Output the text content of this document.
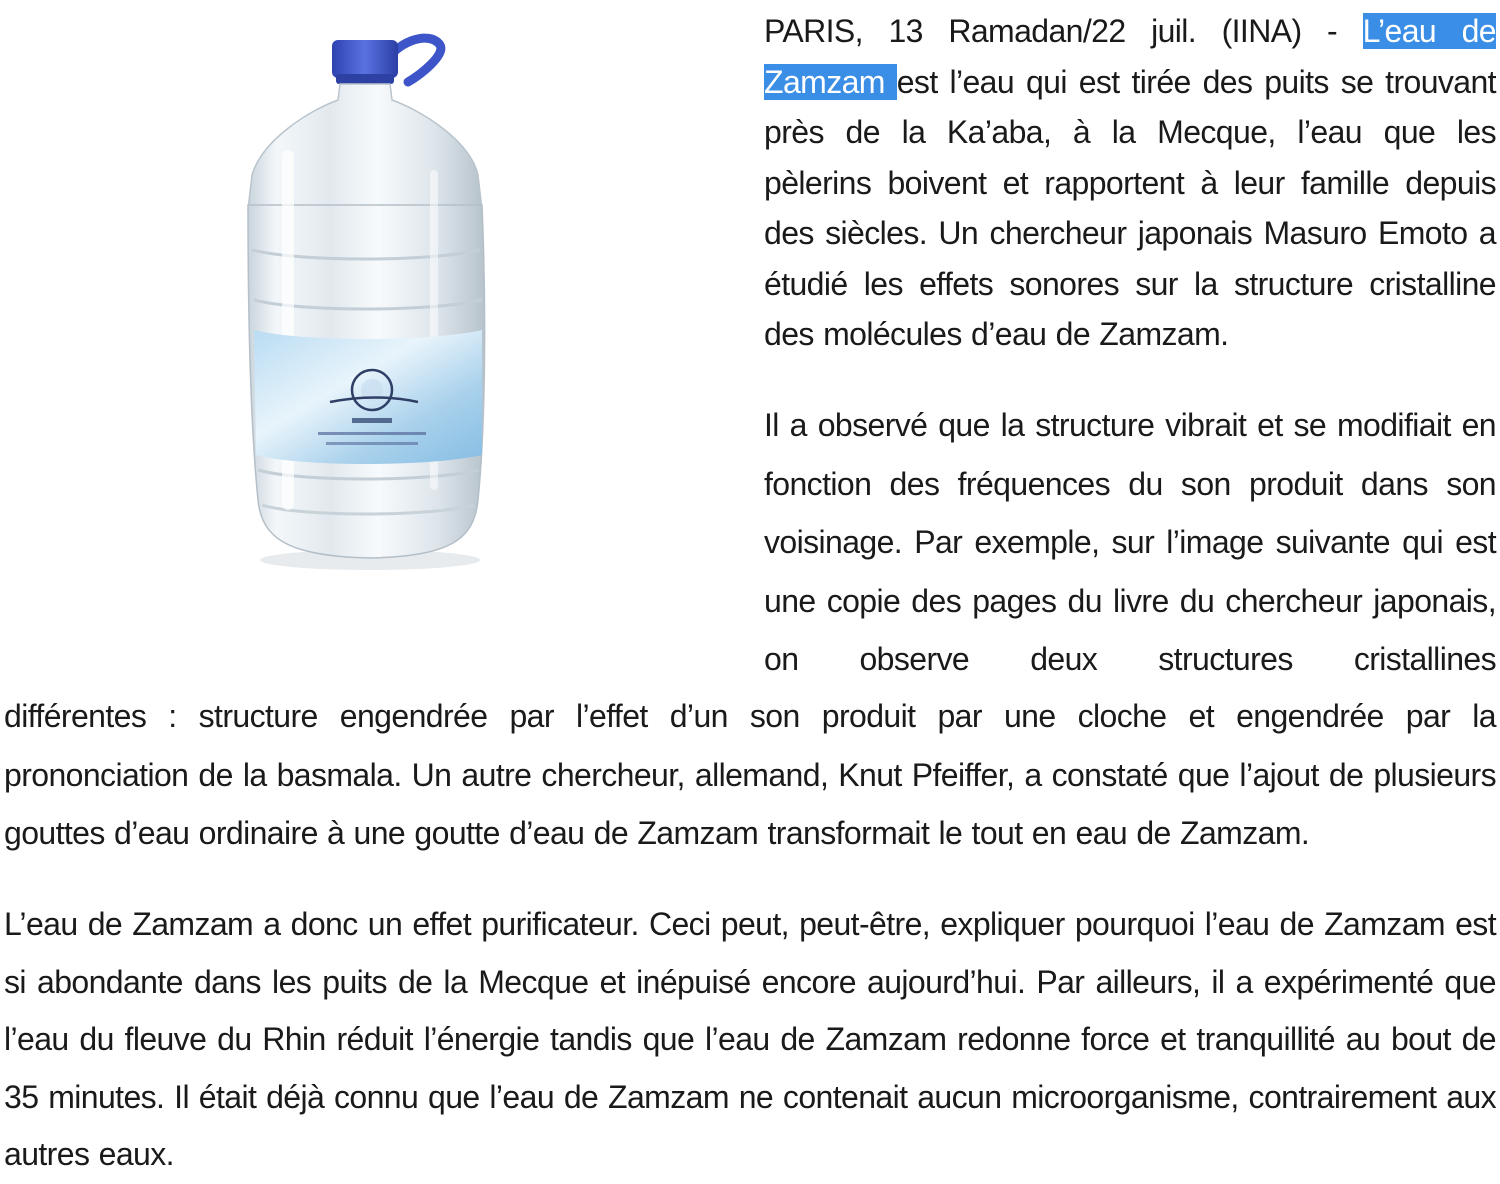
PARIS, 13 Ramadan/22 juil. (IINA) - L’eau de Zamzam est l’eau qui est tirée des puits se trouvant près de la Ka’aba, à la Mecque, l’eau que les pèlerins boivent et rapportent à leur famille depuis des siècles. Un chercheur japonais Masuro Emoto a étudié les effets sonores sur la structure cristalline des molécules d’eau de Zamzam.

Il a observé que la structure vibrait et se modifiait en fonction des fréquences du son produit dans son voisinage. Par exemple, sur l’image suivante qui est une copie des pages du livre du chercheur japonais, on observe deux structures cristallines

différentes : structure engendrée par l’effet d’un son produit par une cloche et engendrée par la prononciation de la basmala. Un autre chercheur, allemand, Knut Pfeiffer, a constaté que l’ajout de plusieurs gouttes d’eau ordinaire à une goutte d’eau de Zamzam transformait le tout en eau de Zamzam.

L’eau de Zamzam a donc un effet purificateur. Ceci peut, peut-être, expliquer pourquoi l’eau de Zamzam est si abondante dans les puits de la Mecque et inépuisé encore aujourd’hui. Par ailleurs, il a expérimenté que l’eau du fleuve du Rhin réduit l’énergie tandis que l’eau de Zamzam redonne force et tranquillité au bout de 35 minutes. Il était déjà connu que l’eau de Zamzam ne contenait aucun microorganisme, contrairement aux autres eaux.
